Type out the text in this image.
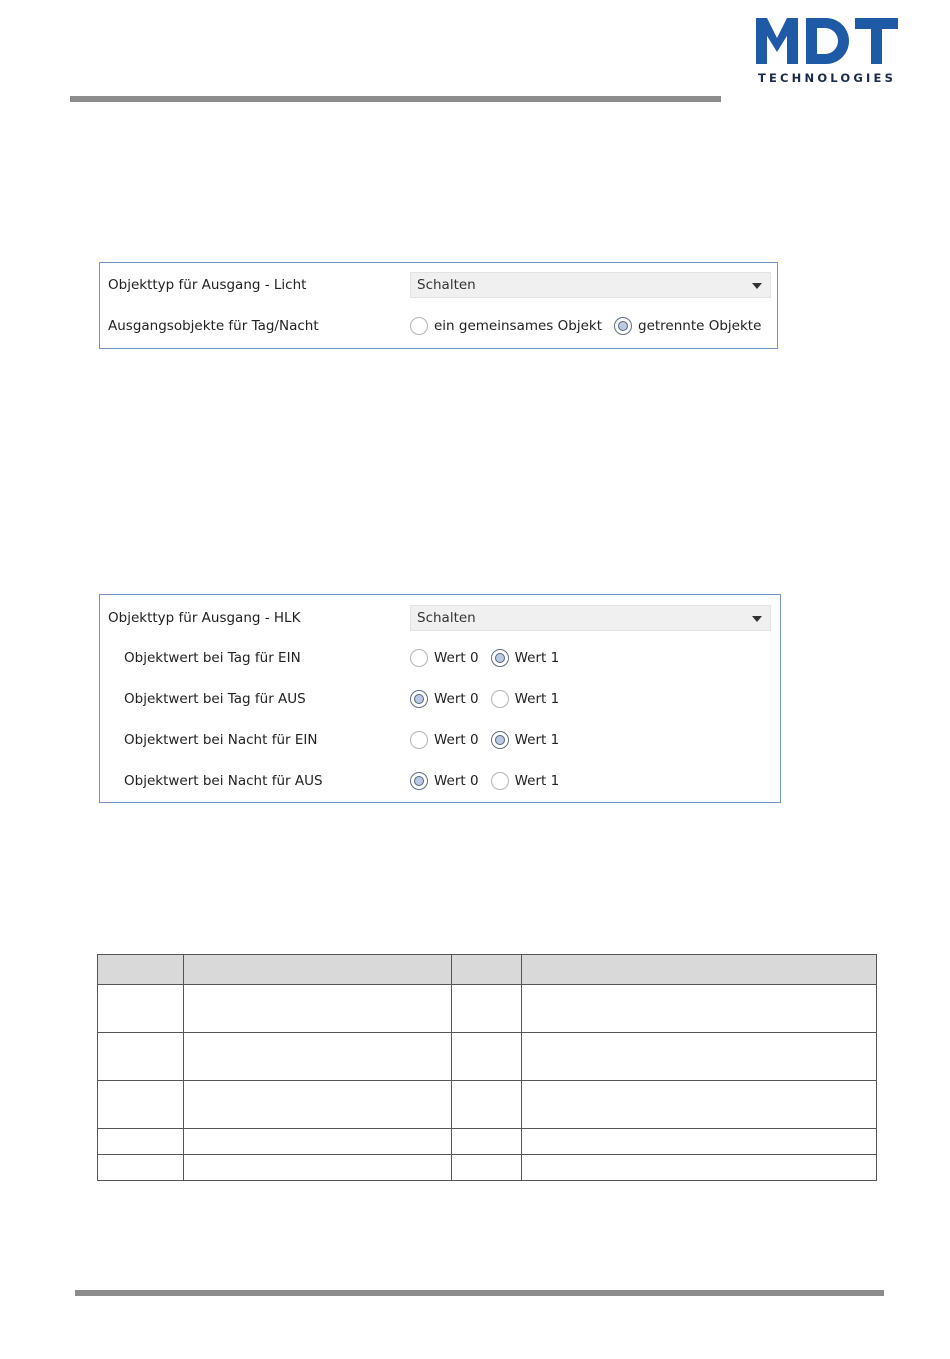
TECHNOLOGIES
Objekttyp für Ausgang - Licht	Schalten
Ausgangsobjekte für Tag/Nacht	ein gemeinsames Objekt	getrennte Objekte
Objekttyp für Ausgang - HLK	Schalten
Objektwert bei Tag für EIN	Wert 0	Wert 1
Objektwert bei Tag für AUS	Wert 0	Wert 1
Objektwert bei Nacht für EIN	Wert 0	Wert 1
Objektwert bei Nacht für AUS	Wert 0	Wert 1
